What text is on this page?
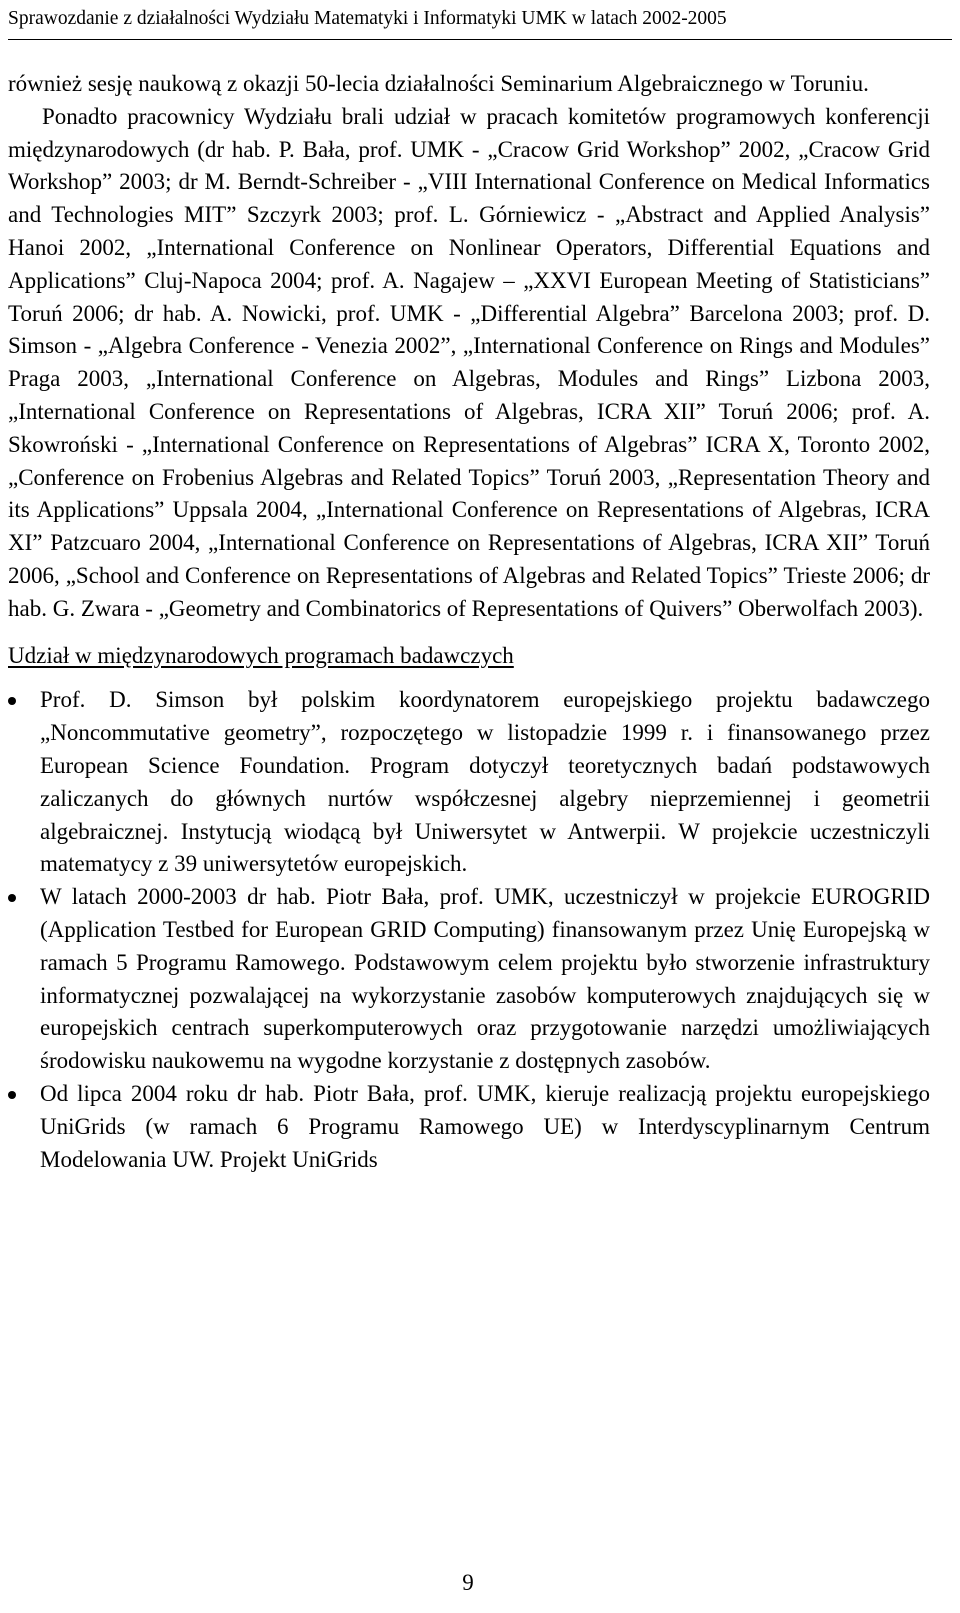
Sprawozdanie z działalności Wydziału Matematyki i Informatyki UMK w latach 2002-2005

również sesję naukową z okazji 50-lecia działalności Seminarium Algebraicznego w Toruniu.

Ponadto pracownicy Wydziału brali udział w pracach komitetów programowych konferencji międzynarodowych (dr hab. P. Bała, prof. UMK - „Cracow Grid Workshop” 2002, „Cracow Grid Workshop” 2003; dr M. Berndt-Schreiber - „VIII International Conference on Medical Informatics and Technologies MIT” Szczyrk 2003; prof. L. Górniewicz - „Abstract and Applied Analysis” Hanoi 2002, „International Conference on Nonlinear Operators, Differential Equations and Applications” Cluj-Napoca 2004; prof. A. Nagajew – „XXVI European Meeting of Statisticians” Toruń 2006; dr hab. A. Nowicki, prof. UMK - „Differential Algebra” Barcelona 2003; prof. D. Simson - „Algebra Conference - Venezia 2002”, „International Conference on Rings and Modules” Praga 2003, „International Conference on Algebras, Modules and Rings” Lizbona 2003, „International Conference on Representations of Algebras, ICRA XII” Toruń 2006; prof. A. Skowroński - „International Conference on Representations of Algebras” ICRA X, Toronto 2002, „Conference on Frobenius Algebras and Related Topics” Toruń 2003, „Representation Theory and its Applications” Uppsala 2004, „International Conference on Representations of Algebras, ICRA XI” Patzcuaro 2004, „International Conference on Representations of Algebras, ICRA XII” Toruń 2006, „School and Conference on Representations of Algebras and Related Topics” Trieste 2006; dr hab. G. Zwara - „Geometry and Combinatorics of Representations of Quivers” Oberwolfach 2003).

Udział w międzynarodowych programach badawczych
Prof. D. Simson był polskim koordynatorem europejskiego projektu badawczego „Noncommutative geometry”, rozpoczętego w listopadzie 1999 r. i finansowanego przez European Science Foundation. Program dotyczył teoretycznych badań podstawowych zaliczanych do głównych nurtów współczesnej algebry nieprzemiennej i geometrii algebraicznej. Instytucją wiodącą był Uniwersytet w Antwerpii. W projekcie uczestniczyli matematycy z 39 uniwersytetów europejskich.
W latach 2000-2003 dr hab. Piotr Bała, prof. UMK, uczestniczył w projekcie EUROGRID (Application Testbed for European GRID Computing) finansowanym przez Unię Europejską w ramach 5 Programu Ramowego. Podstawowym celem projektu było stworzenie infrastruktury informatycznej pozwalającej na wykorzystanie zasobów komputerowych znajdujących się w europejskich centrach superkomputerowych oraz przygotowanie narzędzi umożliwiających środowisku naukowemu na wygodne korzystanie z dostępnych zasobów.
Od lipca 2004 roku dr hab. Piotr Bała, prof. UMK, kieruje realizacją projektu europejskiego UniGrids (w ramach 6 Programu Ramowego UE) w Interdyscyplinarnym Centrum Modelowania UW. Projekt UniGrids
9
